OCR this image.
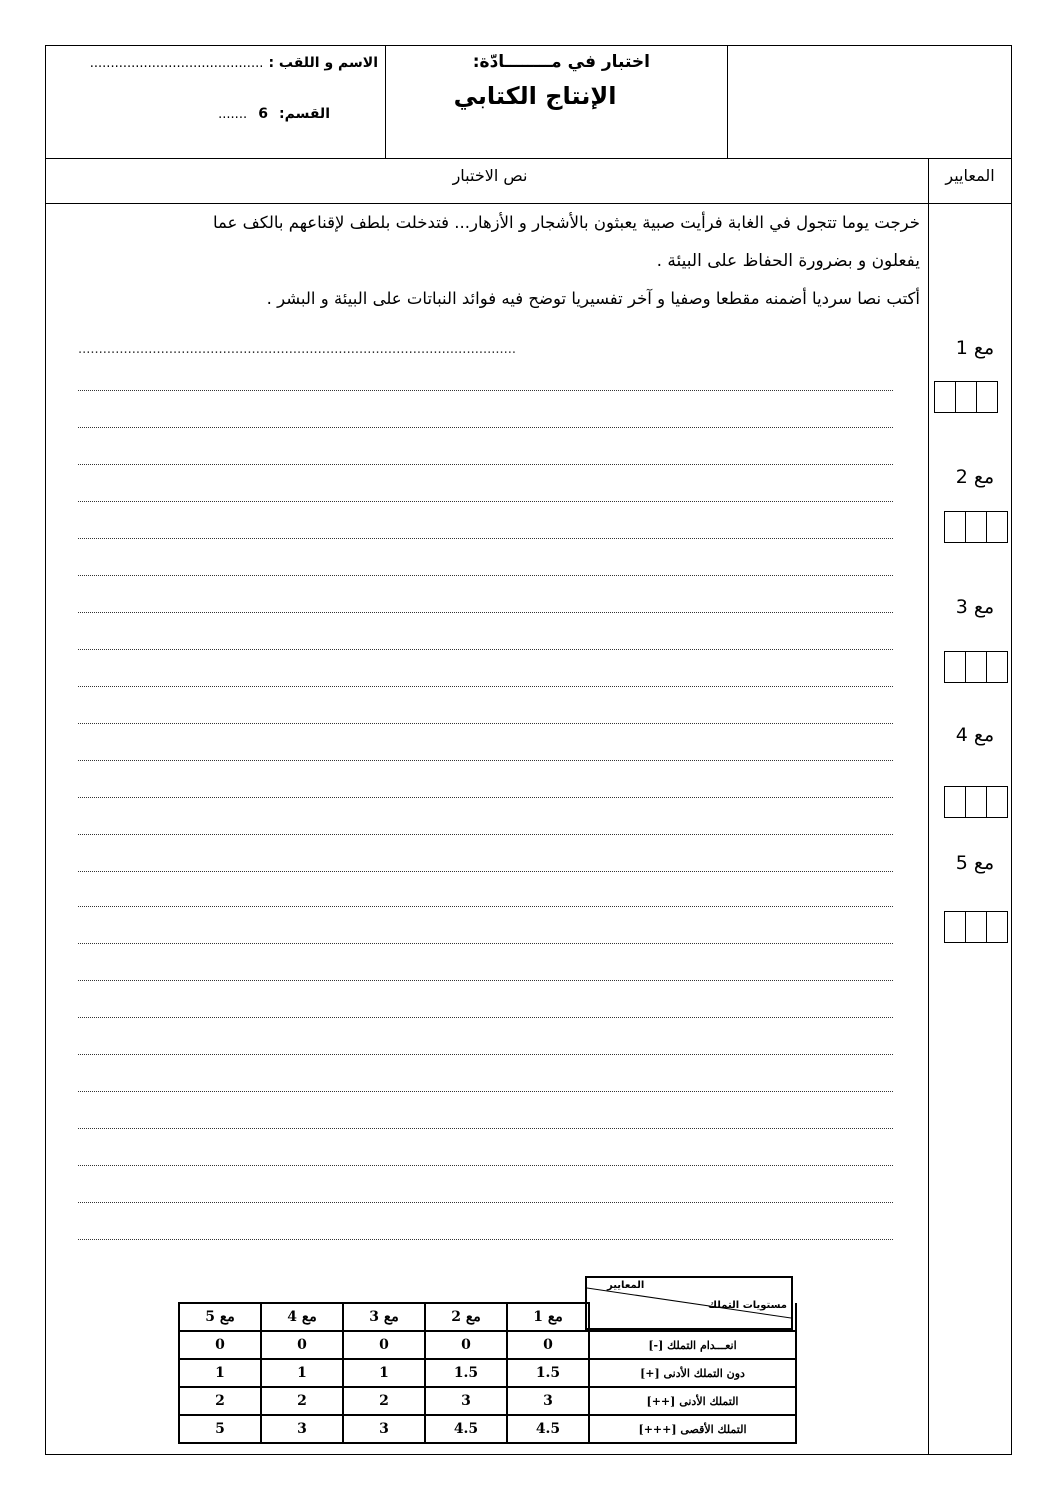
الاسم و اللقب : ..........................................
القسم: 6 .......
اختبار في مــــــــادّة:
الإنتاج الكتابي
المعايير
نص الاختبار
خرجت يوما تتجول في الغابة فرأيت صبية يعبثون بالأشجار و الأزهار... فتدخلت بلطف لإقناعهم بالكف عما
يفعلون و بضرورة الحفاظ على البيئة .
أكتب نصا سرديا أضمنه مقطعا وصفيا و آخر تفسيريا توضح فيه فوائد النباتات على البيئة و البشر .
..........................................................................................................	مع 1
مع 2
مع 3
مع 4
مع 5
المعايير
مستويات التملك
	مع 1	مع 2	مع 3	مع 4	مع 5
انعـــدام التملك [-]	0	0	0	0	0
دون التملك الأدنى [+]	1.5	1.5	1	1	1
التملك الأدنى [++]	3	3	2	2	2
التملك الأقصى [+++]	4.5	4.5	3	3	5
